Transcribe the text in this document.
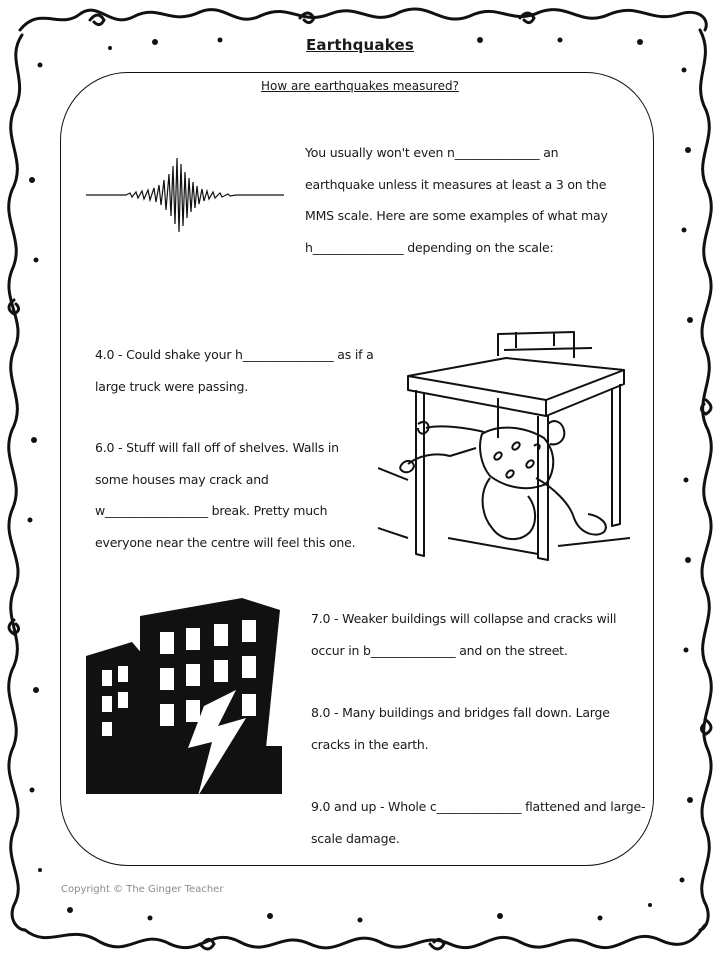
Earthquakes
How are earthquakes measured?

You usually won't even n______________ an earthquake unless it measures at least a 3 on the MMS scale. Here are some examples of what may h_______________ depending on the scale:

4.0 - Could shake your h_______________ as if a large truck were passing.

6.0 - Stuff will fall off of shelves. Walls in some houses may crack and w_________________ break. Pretty much everyone near the centre will feel this one.

7.0 - Weaker buildings will collapse and cracks will occur in b______________ and on the street.

8.0 - Many buildings and bridges fall down. Large cracks in the earth.

9.0 and up - Whole c______________ flattened and large-scale damage.

Copyright © The Ginger Teacher
